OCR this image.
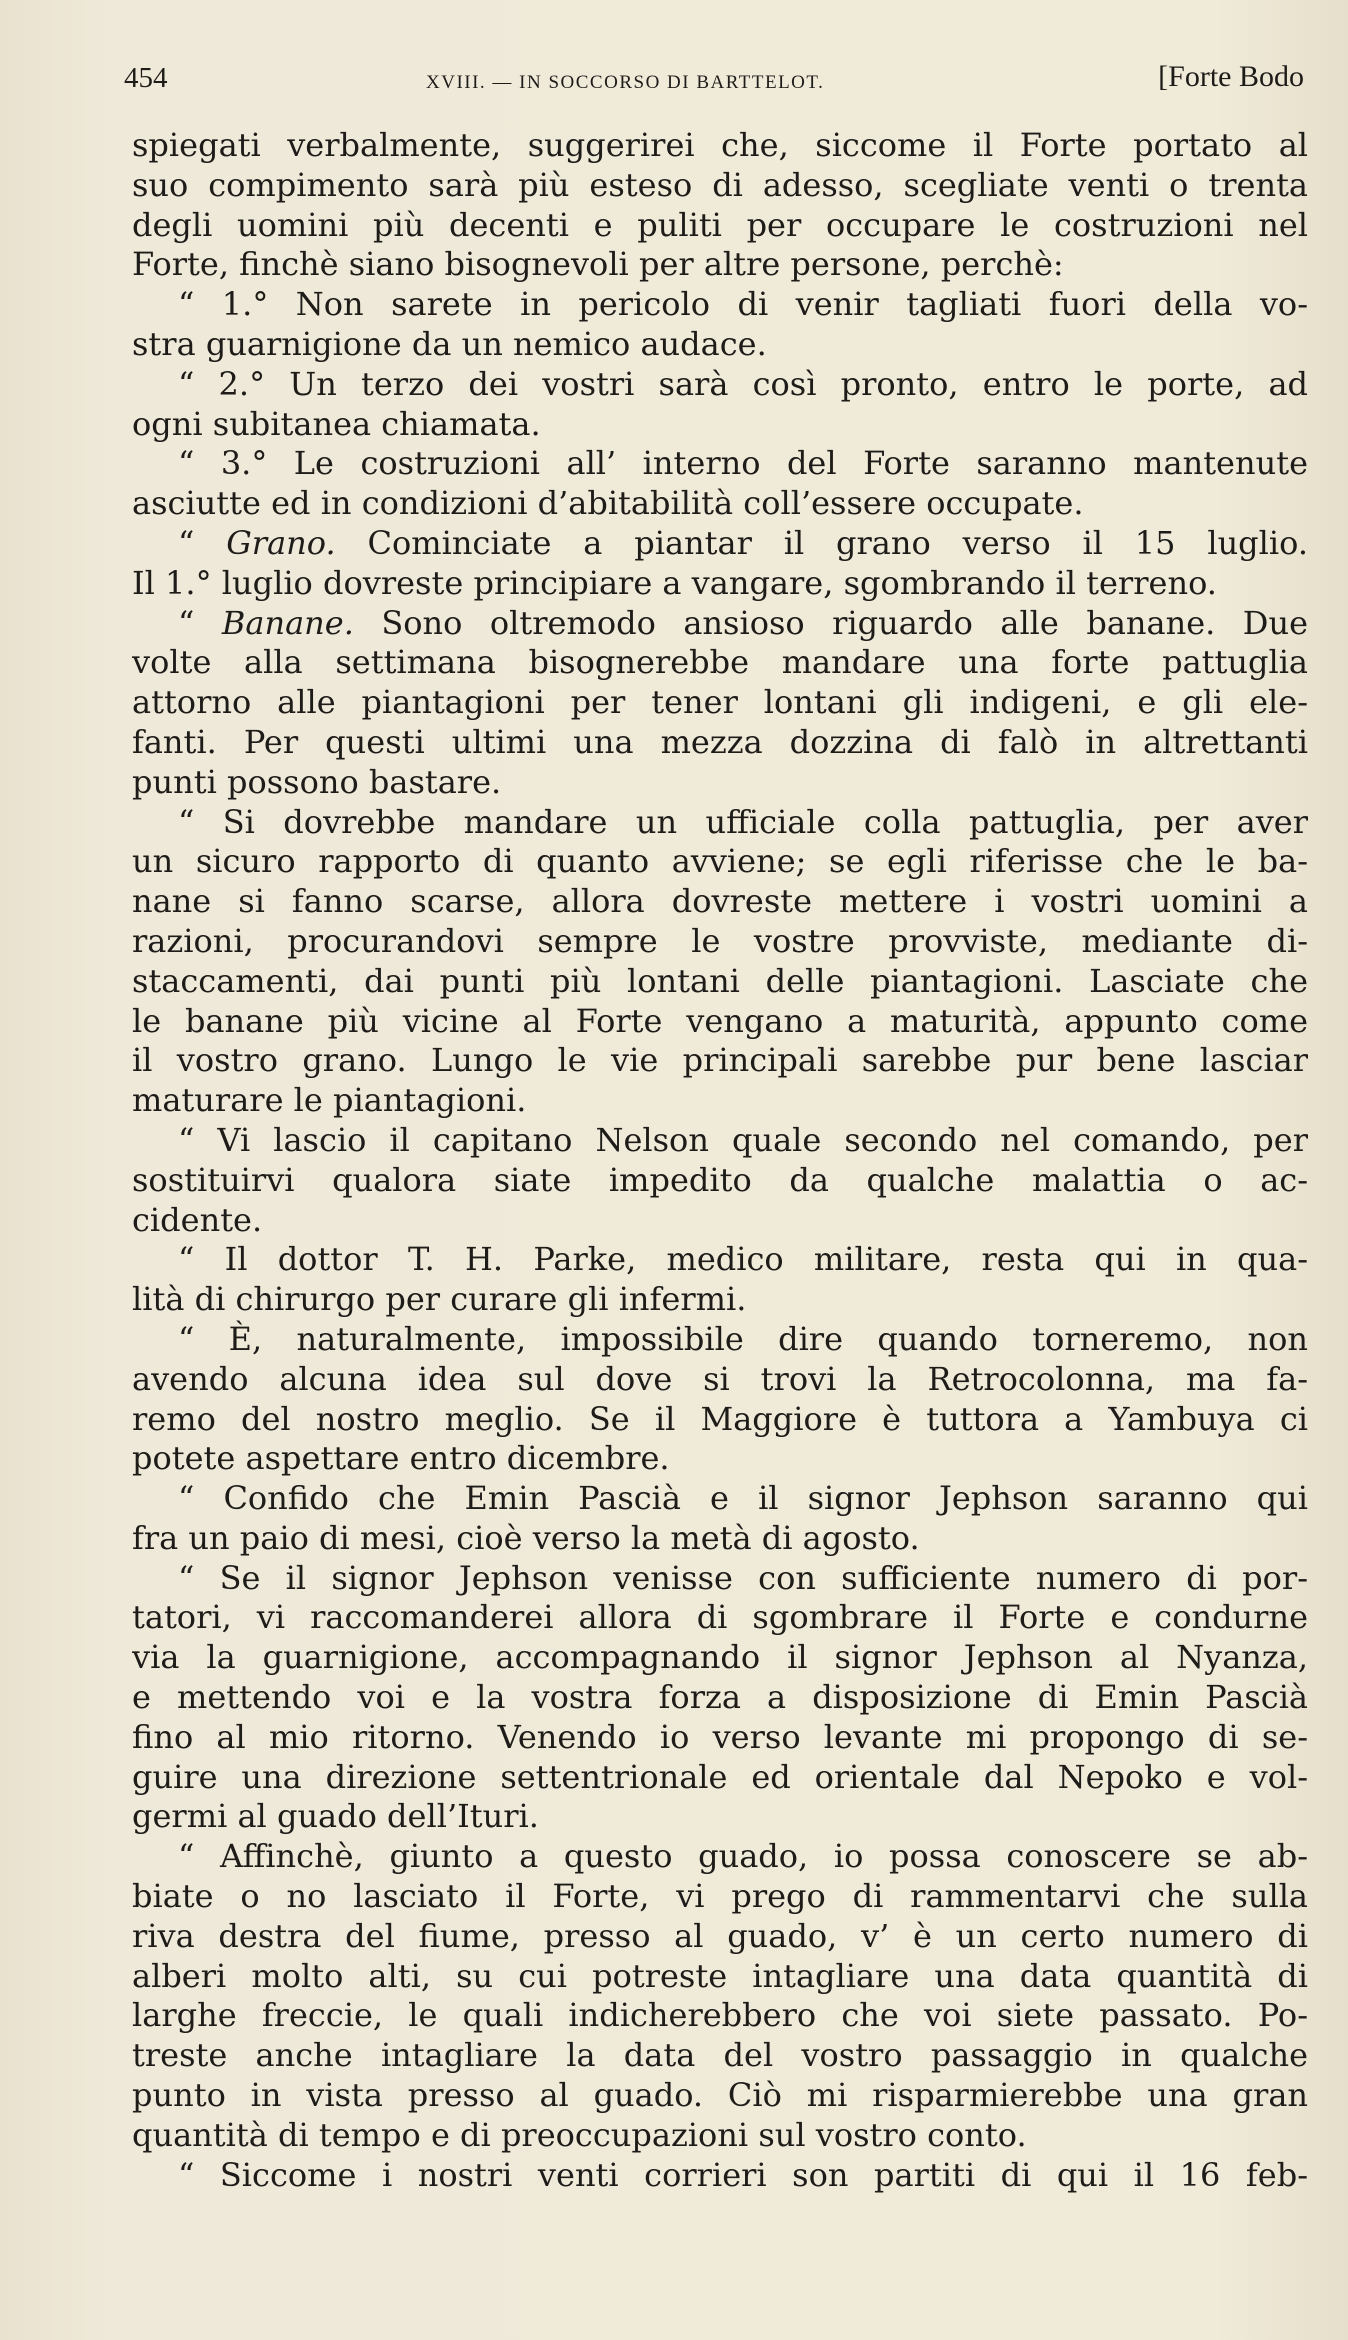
454	XVIII. — IN SOCCORSO DI BARTTELOT.	[Forte Bodo
spiegati verbalmente, suggerirei che, siccome il Forte portato al
suo compimento sarà più esteso di adesso, scegliate venti o trenta
degli uomini più decenti e puliti per occupare le costruzioni nel
Forte, finchè siano bisognevoli per altre persone, perchè:
“ 1.° Non sarete in pericolo di venir tagliati fuori della vo-
stra guarnigione da un nemico audace.
“ 2.° Un terzo dei vostri sarà così pronto, entro le porte, ad
ogni subitanea chiamata.
“ 3.° Le costruzioni all’ interno del Forte saranno mantenute
asciutte ed in condizioni d’abitabilità coll’essere occupate.
“ Grano. Cominciate a piantar il grano verso il 15 luglio.
Il 1.° luglio dovreste principiare a vangare, sgombrando il terreno.
“ Banane. Sono oltremodo ansioso riguardo alle banane. Due
volte alla settimana bisognerebbe mandare una forte pattuglia
attorno alle piantagioni per tener lontani gli indigeni, e gli ele-
fanti. Per questi ultimi una mezza dozzina di falò in altrettanti
punti possono bastare.
“ Si dovrebbe mandare un ufficiale colla pattuglia, per aver
un sicuro rapporto di quanto avviene; se egli riferisse che le ba-
nane si fanno scarse, allora dovreste mettere i vostri uomini a
razioni, procurandovi sempre le vostre provviste, mediante di-
staccamenti, dai punti più lontani delle piantagioni. Lasciate che
le banane più vicine al Forte vengano a maturità, appunto come
il vostro grano. Lungo le vie principali sarebbe pur bene lasciar
maturare le piantagioni.
“ Vi lascio il capitano Nelson quale secondo nel comando, per
sostituirvi qualora siate impedito da qualche malattia o ac-
cidente.
“ Il dottor T. H. Parke, medico militare, resta qui in qua-
lità di chirurgo per curare gli infermi.
“ È, naturalmente, impossibile dire quando torneremo, non
avendo alcuna idea sul dove si trovi la Retrocolonna, ma fa-
remo del nostro meglio. Se il Maggiore è tuttora a Yambuya ci
potete aspettare entro dicembre.
“ Confido che Emin Pascià e il signor Jephson saranno qui
fra un paio di mesi, cioè verso la metà di agosto.
“ Se il signor Jephson venisse con sufficiente numero di por-
tatori, vi raccomanderei allora di sgombrare il Forte e condurne
via la guarnigione, accompagnando il signor Jephson al Nyanza,
e mettendo voi e la vostra forza a disposizione di Emin Pascià
fino al mio ritorno. Venendo io verso levante mi propongo di se-
guire una direzione settentrionale ed orientale dal Nepoko e vol-
germi al guado dell’Ituri.
“ Affinchè, giunto a questo guado, io possa conoscere se ab-
biate o no lasciato il Forte, vi prego di rammentarvi che sulla
riva destra del fiume, presso al guado, v’ è un certo numero di
alberi molto alti, su cui potreste intagliare una data quantità di
larghe freccie, le quali indicherebbero che voi siete passato. Po-
treste anche intagliare la data del vostro passaggio in qualche
punto in vista presso al guado. Ciò mi risparmierebbe una gran
quantità di tempo e di preoccupazioni sul vostro conto.
“ Siccome i nostri venti corrieri son partiti di qui il 16 feb-
